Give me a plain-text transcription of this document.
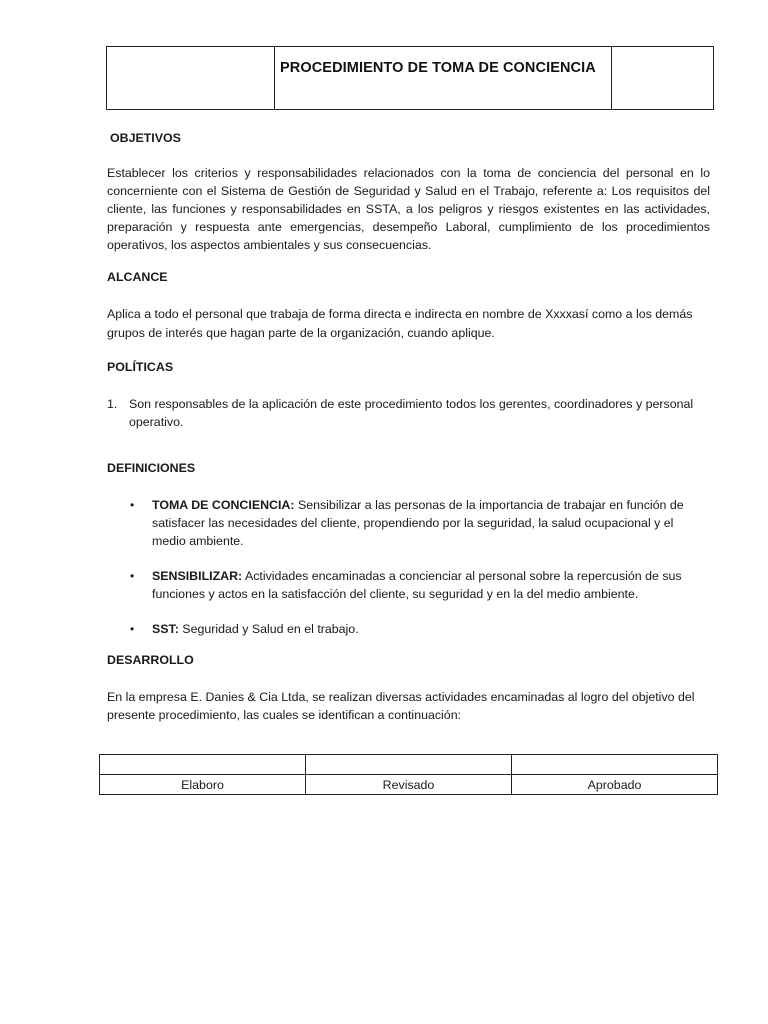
	PROCEDIMIENTO DE TOMA DE CONCIENCIA	
OBJETIVOS
Establecer los criterios y responsabilidades relacionados con la toma de conciencia del personal en lo concerniente con el Sistema de Gestión de Seguridad y Salud en el Trabajo, referente a: Los requisitos del cliente, las funciones y responsabilidades en SSTA, a los peligros y riesgos existentes en las actividades, preparación y respuesta ante emergencias, desempeño Laboral, cumplimiento de los procedimientos operativos, los aspectos ambientales y sus consecuencias.
ALCANCE
Aplica a todo el personal que trabaja de forma directa e indirecta en nombre de Xxxxasí como a los demás grupos de interés que hagan parte de la organización, cuando aplique.
POLÍTICAS
1. Son responsables de la aplicación de este procedimiento todos los gerentes, coordinadores y personal operativo.
DEFINICIONES
• TOMA DE CONCIENCIA: Sensibilizar a las personas de la importancia de trabajar en función de satisfacer las necesidades del cliente, propendiendo por la seguridad, la salud ocupacional y el medio ambiente.
• SENSIBILIZAR: Actividades encaminadas a concienciar al personal sobre la repercusión de sus funciones y actos en la satisfacción del cliente, su seguridad y en la del medio ambiente.
• SST: Seguridad y Salud en el trabajo.
DESARROLLO
En la empresa E. Danies & Cia Ltda, se realizan diversas actividades encaminadas al logro del objetivo del presente procedimiento, las cuales se identifican a continuación:

Elaboro	Revisado	Aprobado
